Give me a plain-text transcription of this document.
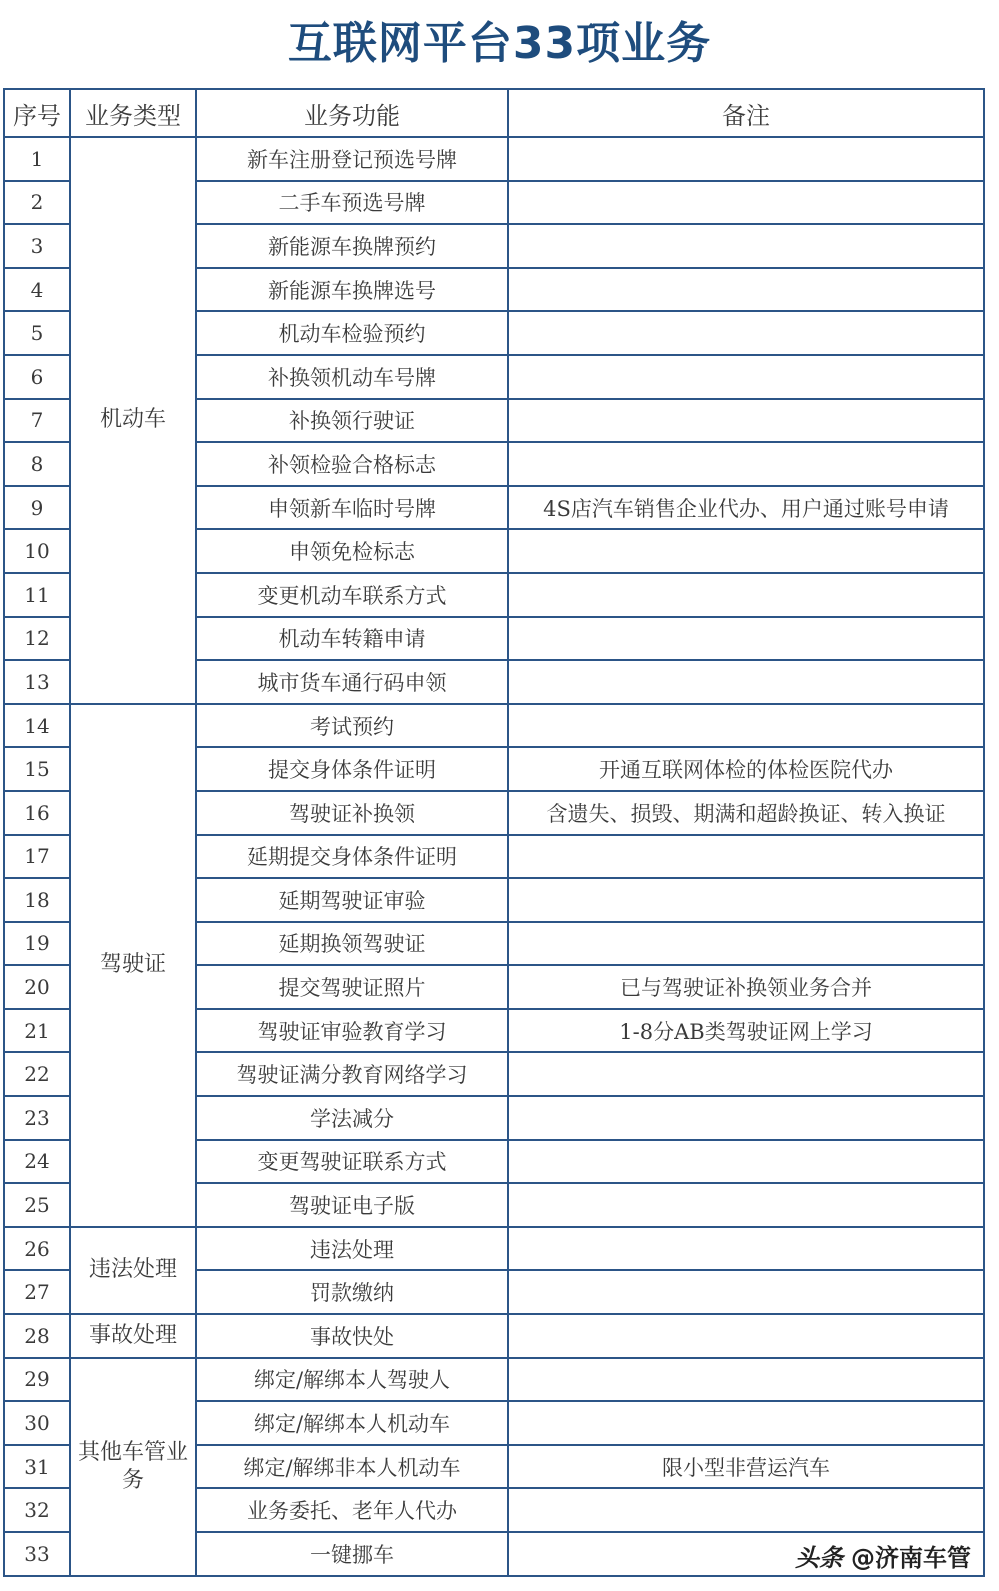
互联网平台33项业务
序号	业务类型	业务功能	备注
1	机动车	新车注册登记预选号牌	
2		二手车预选号牌	
3		新能源车换牌预约	
4		新能源车换牌选号	
5		机动车检验预约	
6		补换领机动车号牌	
7		补换领行驶证	
8		补领检验合格标志	
9		申领新车临时号牌	4S店汽车销售企业代办、用户通过账号申请
10		申领免检标志	
11		变更机动车联系方式	
12		机动车转籍申请	
13		城市货车通行码申领	
14	驾驶证	考试预约	
15		提交身体条件证明	开通互联网体检的体检医院代办
16		驾驶证补换领	含遗失、损毁、期满和超龄换证、转入换证
17		延期提交身体条件证明	
18		延期驾驶证审验	
19		延期换领驾驶证	
20		提交驾驶证照片	已与驾驶证补换领业务合并
21		驾驶证审验教育学习	1-8分AB类驾驶证网上学习
22		驾驶证满分教育网络学习	
23		学法减分	
24		变更驾驶证联系方式	
25		驾驶证电子版	
26	违法处理	违法处理	
27		罚款缴纳	
28	事故处理	事故快处	
29	其他车管业务	绑定/解绑本人驾驶人	
30		绑定/解绑本人机动车	
31		绑定/解绑非本人机动车	限小型非营运汽车
32		业务委托、老年人代办	
33		一键挪车		头条 @济南车管
